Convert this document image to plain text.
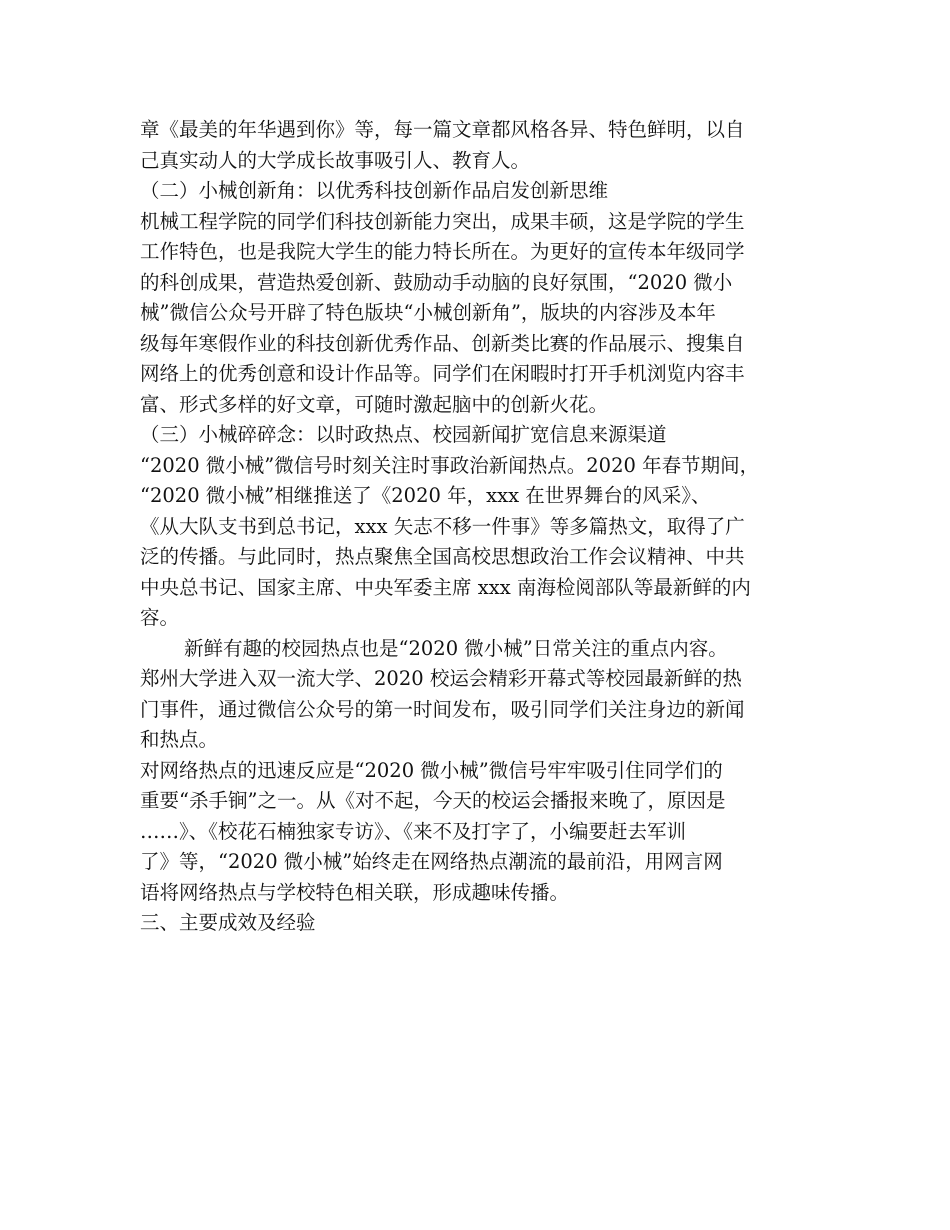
章《最美的年华遇到你》等，每一篇文章都风格各异、特色鲜明，以自
己真实动人的大学成长故事吸引人、教育人。
（二）小械创新角：以优秀科技创新作品启发创新思维
机械工程学院的同学们科技创新能力突出，成果丰硕，这是学院的学生
工作特色，也是我院大学生的能力特长所在。为更好的宣传本年级同学
的科创成果，营造热爱创新、鼓励动手动脑的良好氛围，“2020 微小
械”微信公众号开辟了特色版块“小械创新角”，版块的内容涉及本年
级每年寒假作业的科技创新优秀作品、创新类比赛的作品展示、搜集自
网络上的优秀创意和设计作品等。同学们在闲暇时打开手机浏览内容丰
富、形式多样的好文章，可随时激起脑中的创新火花。
（三）小械碎碎念：以时政热点、校园新闻扩宽信息来源渠道
“2020 微小械”微信号时刻关注时事政治新闻热点。2020 年春节期间，
“2020 微小械”相继推送了《2020 年，xxx 在世界舞台的风采》、
《从大队支书到总书记，xxx 矢志不移一件事》等多篇热文，取得了广
泛的传播。与此同时，热点聚焦全国高校思想政治工作会议精神、中共
中央总书记、国家主席、中央军委主席 xxx 南海检阅部队等最新鲜的内
容。
新鲜有趣的校园热点也是“2020 微小械”日常关注的重点内容。
郑州大学进入双一流大学、2020 校运会精彩开幕式等校园最新鲜的热
门事件，通过微信公众号的第一时间发布，吸引同学们关注身边的新闻
和热点。
对网络热点的迅速反应是“2020 微小械”微信号牢牢吸引住同学们的
重要“杀手锏”之一。从《对不起，今天的校运会播报来晚了，原因是
……》、《校花石楠独家专访》、《来不及打字了，小编要赶去军训
了》等，“2020 微小械”始终走在网络热点潮流的最前沿，用网言网
语将网络热点与学校特色相关联，形成趣味传播。
三、主要成效及经验
